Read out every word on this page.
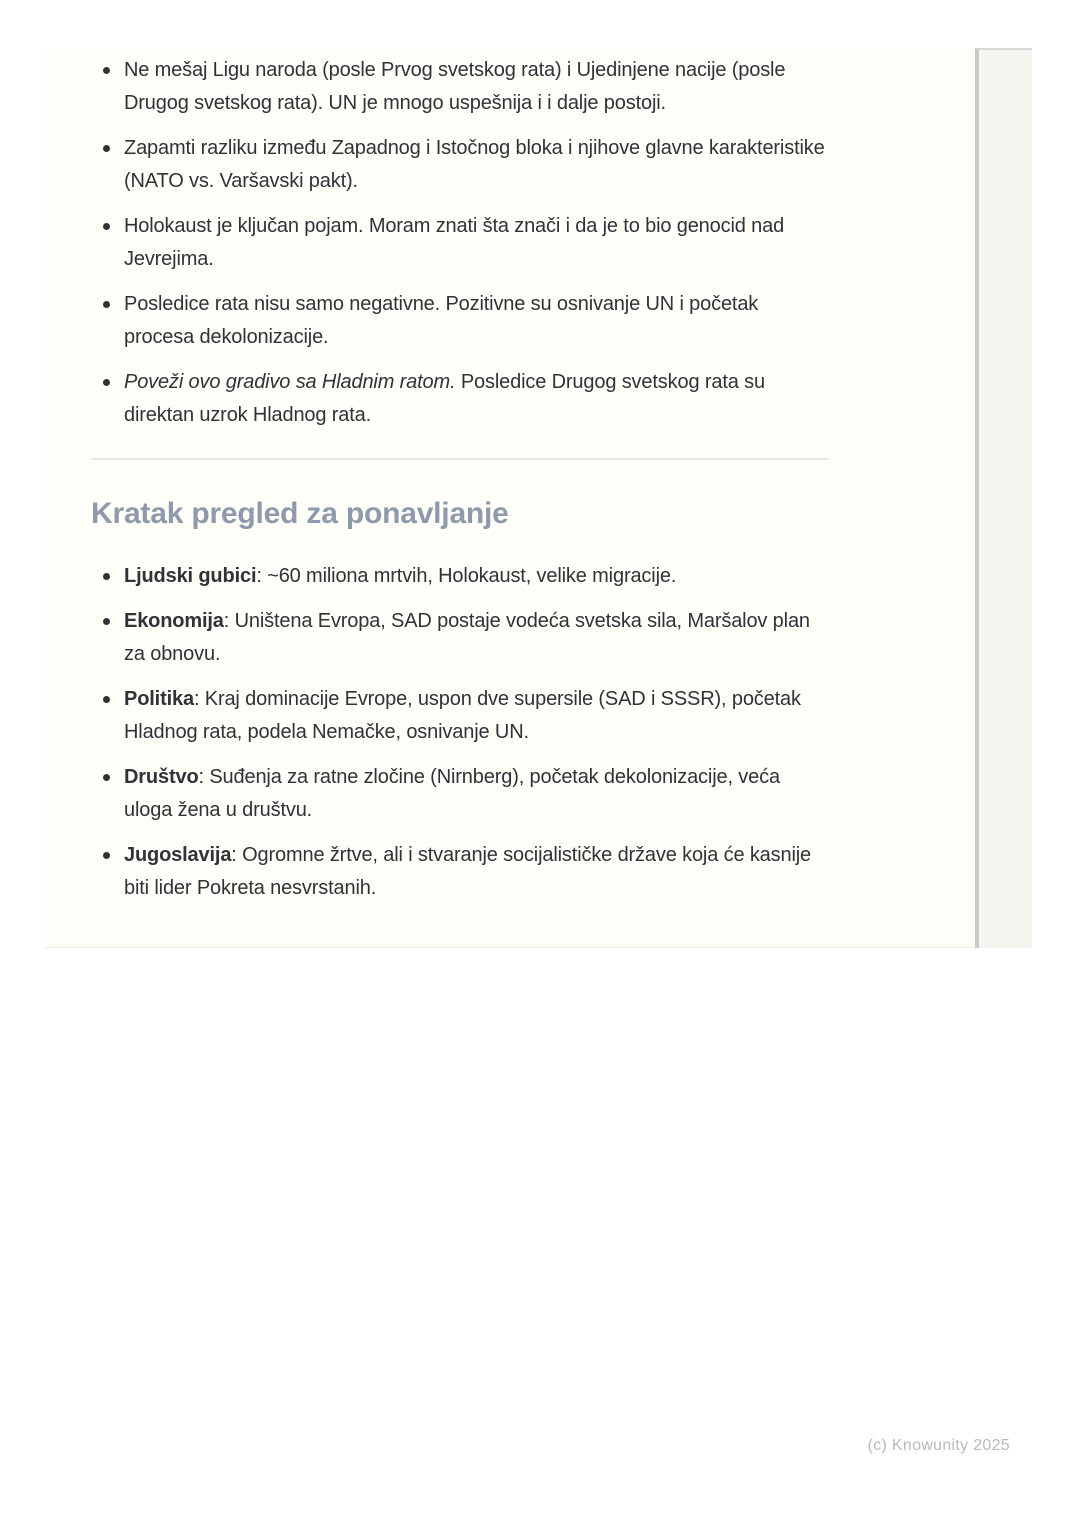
Ne mešaj Ligu naroda (posle Prvog svetskog rata) i Ujedinjene nacije (posle Drugog svetskog rata). UN je mnogo uspešnija i i dalje postoji.
Zapamti razliku između Zapadnog i Istočnog bloka i njihove glavne karakteristike (NATO vs. Varšavski pakt).
Holokaust je ključan pojam. Moram znati šta znači i da je to bio genocid nad Jevrejima.
Posledice rata nisu samo negativne. Pozitivne su osnivanje UN i početak procesa dekolonizacije.
Poveži ovo gradivo sa Hladnim ratom. Posledice Drugog svetskog rata su direktan uzrok Hladnog rata.
Kratak pregled za ponavljanje
Ljudski gubici: ~60 miliona mrtvih, Holokaust, velike migracije.
Ekonomija: Uništena Evropa, SAD postaje vodeća svetska sila, Maršalov plan za obnovu.
Politika: Kraj dominacije Evrope, uspon dve supersile (SAD i SSSR), početak Hladnog rata, podela Nemačke, osnivanje UN.
Društvo: Suđenja za ratne zločine (Nirnberg), početak dekolonizacije, veća uloga žena u društvu.
Jugoslavija: Ogromne žrtve, ali i stvaranje socijalističke države koja će kasnije biti lider Pokreta nesvrstanih.
(c) Knowunity 2025
